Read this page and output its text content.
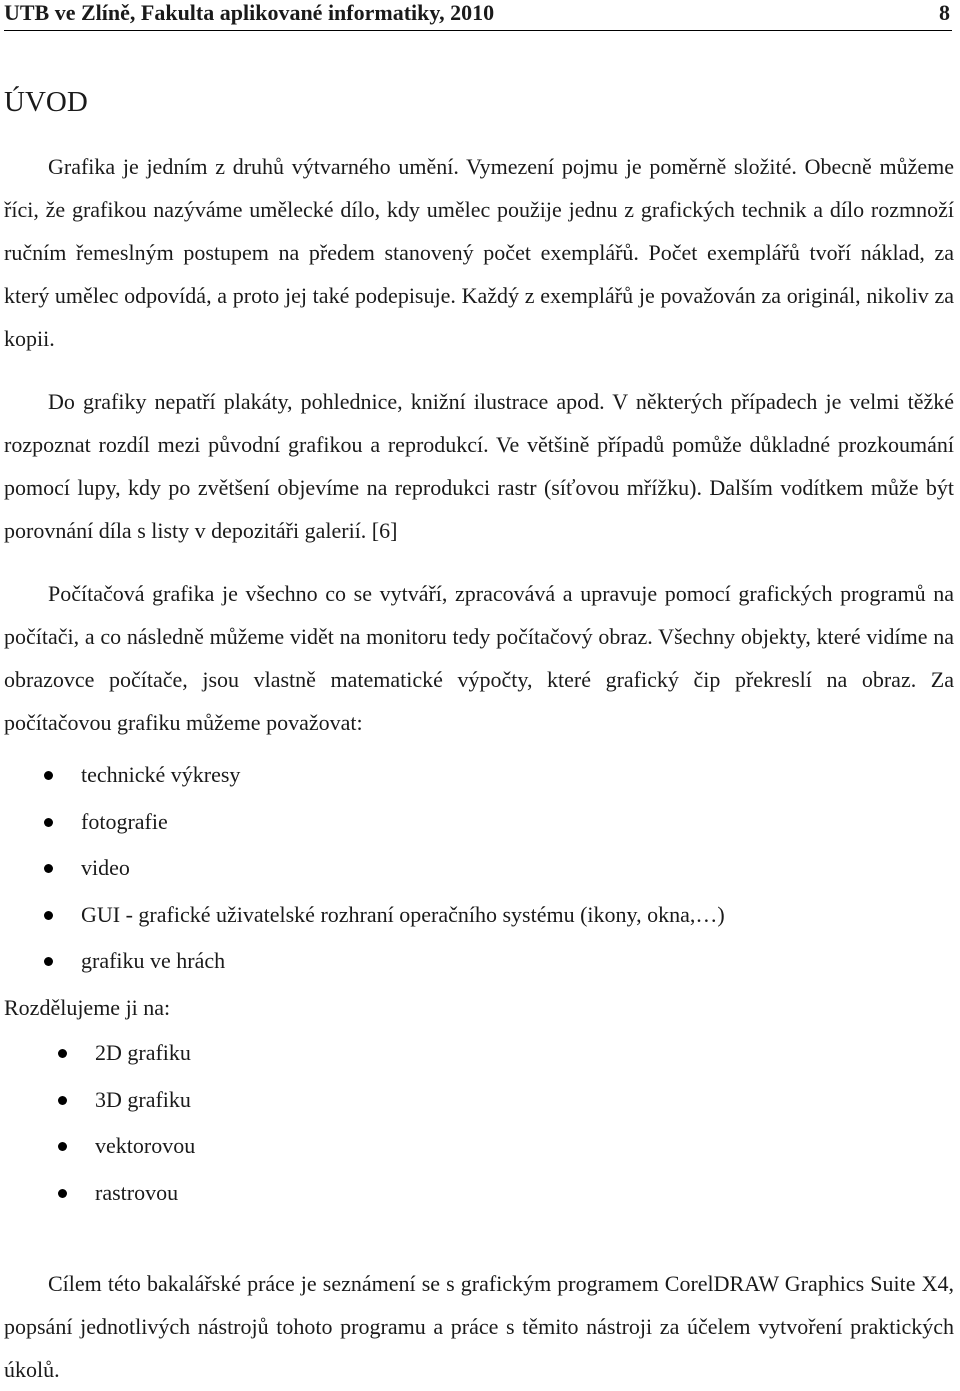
UTB ve Zlíně, Fakulta aplikované informatiky, 2010	8
ÚVOD

Grafika je jedním z druhů výtvarného umění. Vymezení pojmu je poměrně složité. Obecně můžeme říci, že grafikou nazýváme umělecké dílo, kdy umělec použije jednu z grafických technik a dílo rozmnoží ručním řemeslným postupem na předem stanovený počet exemplářů. Počet exemplářů tvoří náklad, za který umělec odpovídá, a proto jej také podepisuje. Každý z exemplářů je považován za originál, nikoliv za kopii.

Do grafiky nepatří plakáty, pohlednice, knižní ilustrace apod. V některých případech je velmi těžké rozpoznat rozdíl mezi původní grafikou a reprodukcí. Ve většině případů pomůže důkladné prozkoumání pomocí lupy, kdy po zvětšení objevíme na reprodukci rastr (síťovou mřížku). Dalším vodítkem může být porovnání díla s listy v depozitáři galerií. [6]

Počítačová grafika je všechno co se vytváří, zpracovává a upravuje pomocí grafických programů na počítači, a co následně můžeme vidět na monitoru tedy počítačový obraz. Všechny objekty, které vidíme na obrazovce počítače, jsou vlastně matematické výpočty, které grafický čip překreslí na obraz. Za počítačovou grafiku můžeme považovat:

technické výkresy
fotografie
video
GUI - grafické uživatelské rozhraní operačního systému (ikony, okna,…)
grafiku ve hrách

Rozdělujeme ji na:

2D grafiku
3D grafiku
vektorovou
rastrovou

Cílem této bakalářské práce je seznámení se s grafickým programem CorelDRAW Graphics Suite X4, popsání jednotlivých nástrojů tohoto programu a práce s těmito nástroji za účelem vytvoření praktických úkolů.
